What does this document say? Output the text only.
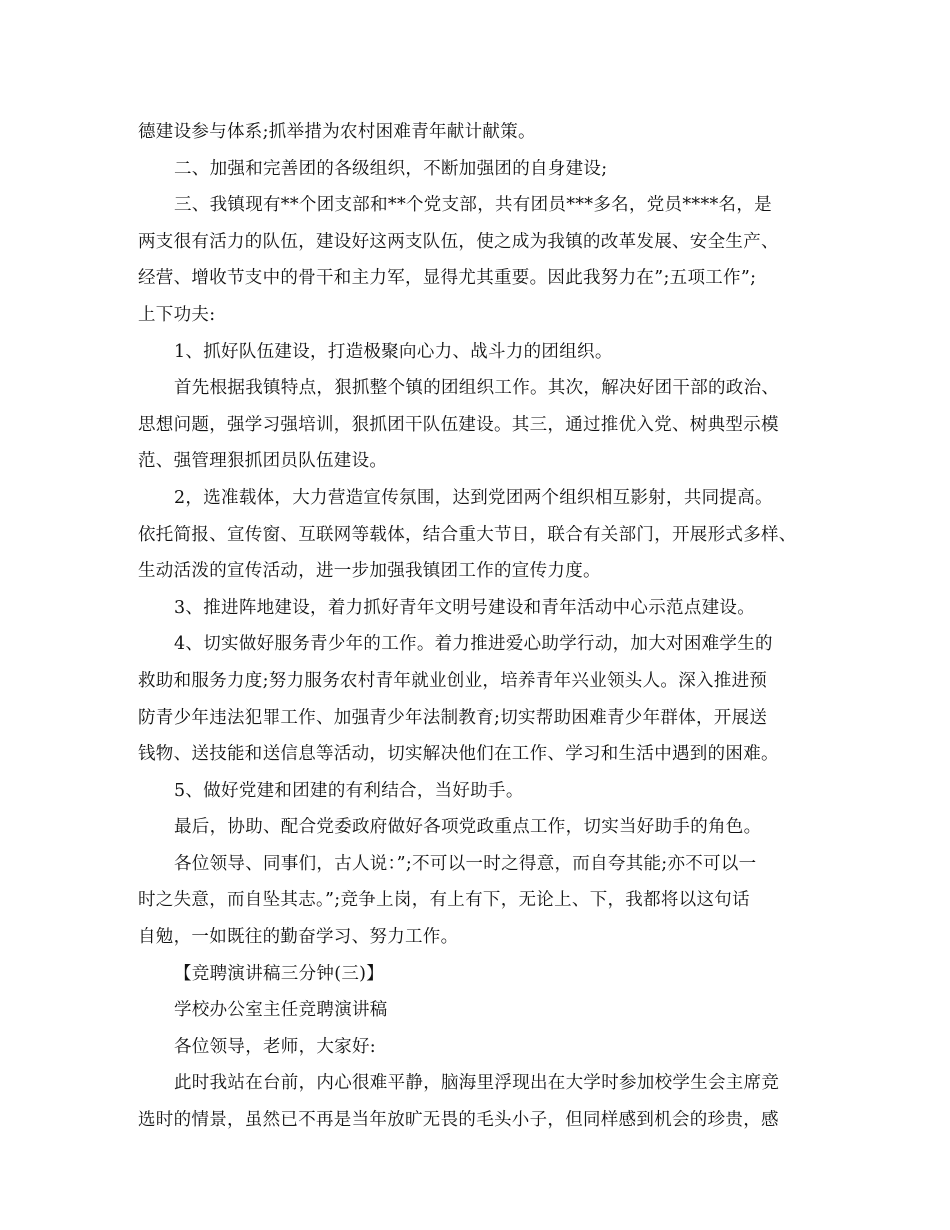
德建设参与体系;抓举措为农村困难青年献计献策。
二、加强和完善团的各级组织，不断加强团的自身建设;
三、我镇现有**个团支部和**个党支部，共有团员***多名，党员****名，是
两支很有活力的队伍，建设好这两支队伍，使之成为我镇的改革发展、安全生产、
经营、增收节支中的骨干和主力军，显得尤其重要。因此我努力在”;五项工作”;
上下功夫:
1、抓好队伍建设，打造极聚向心力、战斗力的团组织。
首先根据我镇特点，狠抓整个镇的团组织工作。其次，解决好团干部的政治、
思想问题，强学习强培训，狠抓团干队伍建设。其三，通过推优入党、树典型示模
范、强管理狠抓团员队伍建设。
2，选准载体，大力营造宣传氛围，达到党团两个组织相互影射，共同提高。
依托简报、宣传窗、互联网等载体，结合重大节日，联合有关部门，开展形式多样、
生动活泼的宣传活动，进一步加强我镇团工作的宣传力度。
3、推进阵地建设，着力抓好青年文明号建设和青年活动中心示范点建设。
4、切实做好服务青少年的工作。着力推进爱心助学行动，加大对困难学生的
救助和服务力度;努力服务农村青年就业创业，培养青年兴业领头人。深入推进预
防青少年违法犯罪工作、加强青少年法制教育;切实帮助困难青少年群体，开展送
钱物、送技能和送信息等活动，切实解决他们在工作、学习和生活中遇到的困难。
5、做好党建和团建的有利结合，当好助手。
最后，协助、配合党委政府做好各项党政重点工作，切实当好助手的角色。
各位领导、同事们，古人说：”;不可以一时之得意，而自夸其能;亦不可以一
时之失意，而自坠其志。”;竞争上岗，有上有下，无论上、下，我都将以这句话
自勉，一如既往的勤奋学习、努力工作。
【竞聘演讲稿三分钟(三)】
学校办公室主任竞聘演讲稿
各位领导，老师，大家好:
此时我站在台前，内心很难平静，脑海里浮现出在大学时参加校学生会主席竞
选时的情景，虽然已不再是当年放旷无畏的毛头小子，但同样感到机会的珍贵，感
